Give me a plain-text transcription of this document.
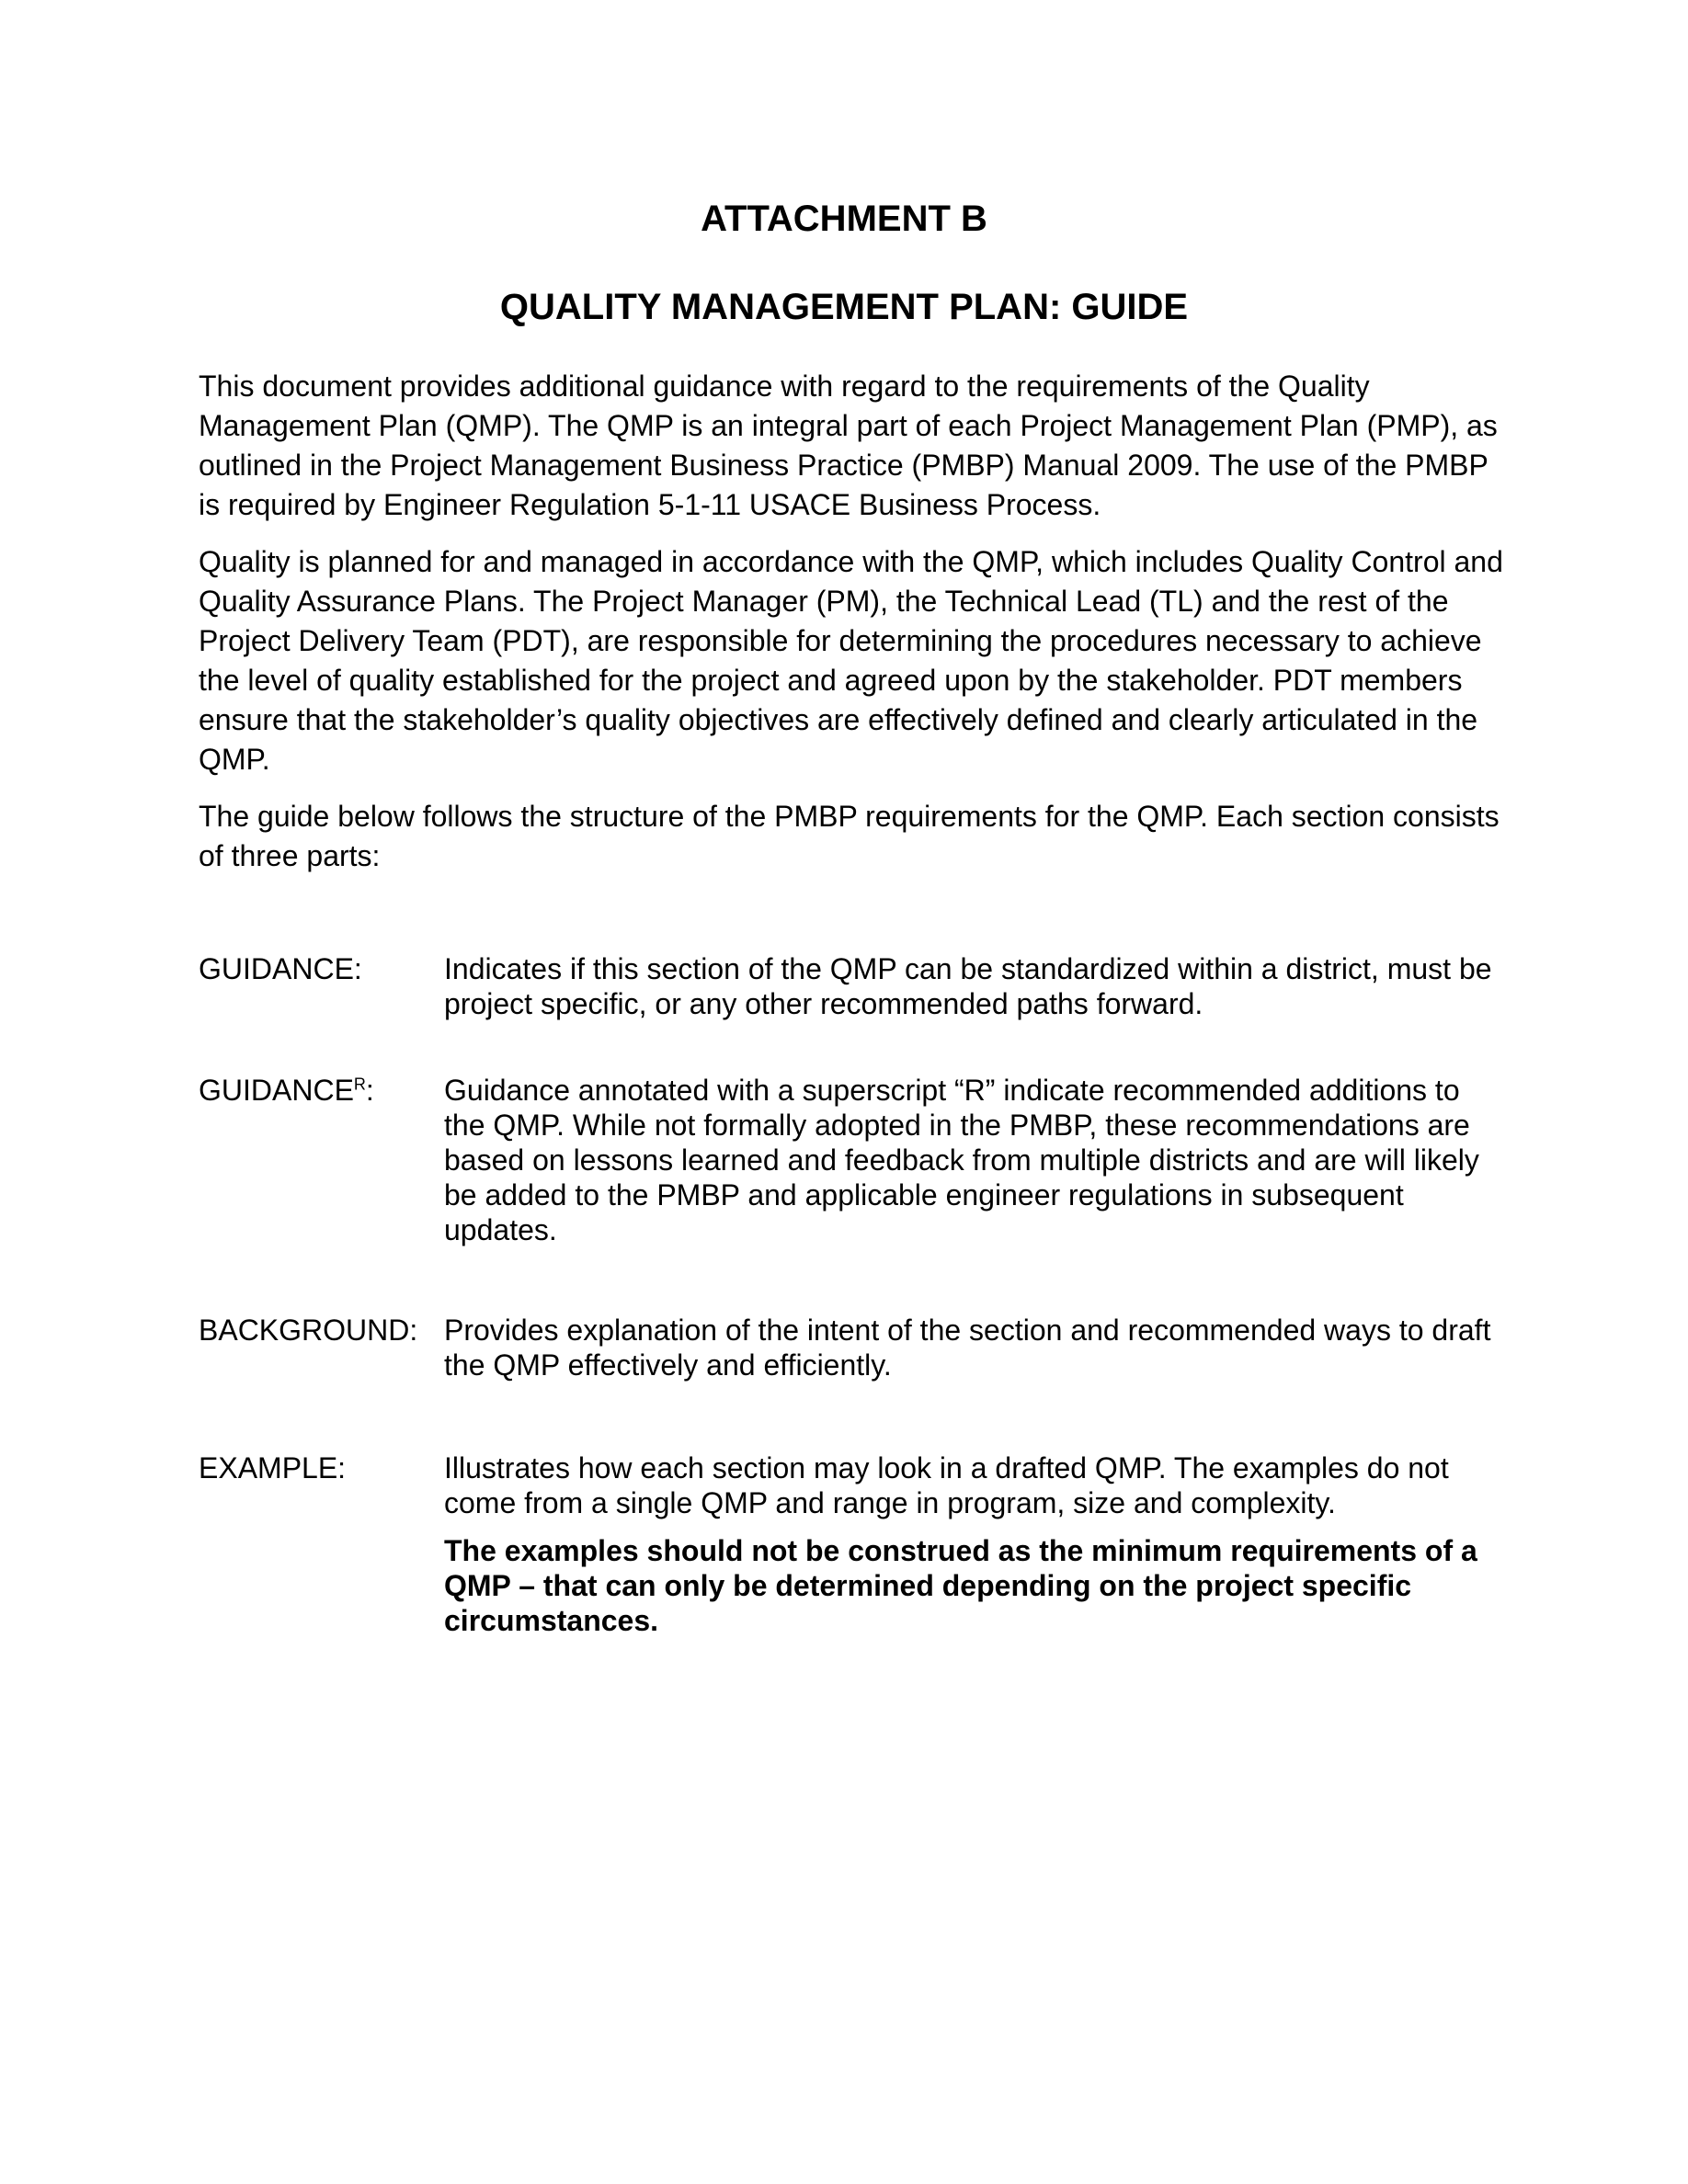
ATTACHMENT B
QUALITY MANAGEMENT PLAN: GUIDE

This document provides additional guidance with regard to the requirements of the Quality Management Plan (QMP). The QMP is an integral part of each Project Management Plan (PMP), as outlined in the Project Management Business Practice (PMBP) Manual 2009. The use of the PMBP is required by Engineer Regulation 5-1-11 USACE Business Process.

Quality is planned for and managed in accordance with the QMP, which includes Quality Control and Quality Assurance Plans. The Project Manager (PM), the Technical Lead (TL) and the rest of the Project Delivery Team (PDT), are responsible for determining the procedures necessary to achieve the level of quality established for the project and agreed upon by the stakeholder. PDT members ensure that the stakeholder’s quality objectives are effectively defined and clearly articulated in the QMP.

The guide below follows the structure of the PMBP requirements for the QMP. Each section consists of three parts:

GUIDANCE:	Indicates if this section of the QMP can be standardized within a district, must be project specific, or any other recommended paths forward.

$GUIDANCE^R$:	Guidance annotated with a superscript “R” indicate recommended additions to the QMP. While not formally adopted in the PMBP, these recommendations are based on lessons learned and feedback from multiple districts and are will likely be added to the PMBP and applicable engineer regulations in subsequent updates.

BACKGROUND: Provides explanation of the intent of the section and recommended ways to draft the QMP effectively and efficiently.

EXAMPLE:	Illustrates how each section may look in a drafted QMP. The examples do not come from a single QMP and range in program, size and complexity.

The examples should not be construed as the minimum requirements of a QMP – that can only be determined depending on the project specific circumstances.
